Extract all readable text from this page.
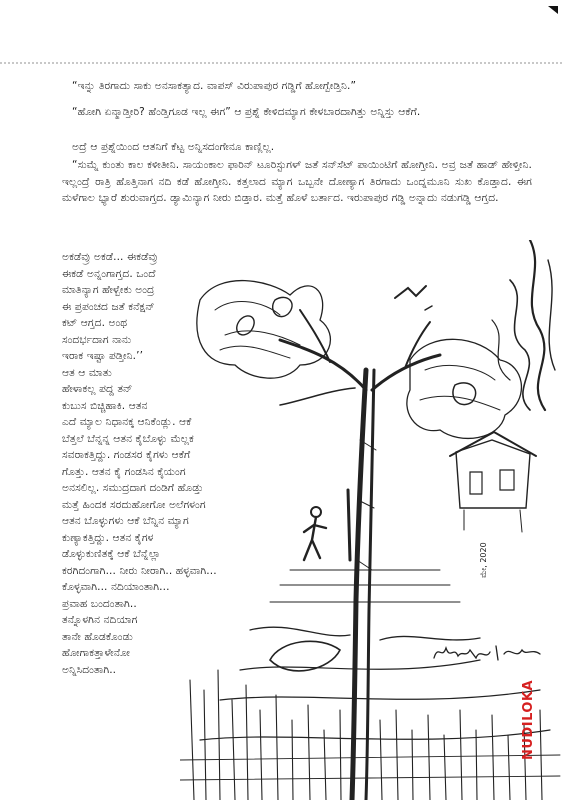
ಮೇ, 2020
NUDILOKA

“ಇನ್ನು ತಿರಗಾದು ಸಾಕು ಅನಸಾಕತ್ಯಾದ. ವಾಪಸ್ ವಿರುಪಾಪುರ ಗಡ್ಡಿಗೆ ಹೋಗ್ಬೇಡ್ತಿನಿ.”

“ಹೋಗಿ ಏನ್ಮಾಡ್ತೀರಿ? ಹೆಂಡ್ತಿಗೂಡ ಇಲ್ಲ ಈಗ” ಆ ಪ್ರಶ್ನೆ ಕೇಳಿದಮ್ಯಾಗ ಕೇಳಬಾರದಾಗಿತ್ತು ಅನ್ನಿಸ್ತು ಆಕೆಗೆ.

ಅದ್ರೆ ಆ ಪ್ರಶ್ನೆಯಿಂದ ಆತನಿಗೆ ಕೆಟ್ಟ ಅನ್ನಿಸದಂಗೇನೂ ಕಾಣ್ಲಿಲ್ಲ.

“ಸುಮ್ನೆ ಕುಂತು ಕಾಲ ಕಳೀತೀನಿ. ಸಾಯಂಕಾಲ ಫಾರಿನ್ ಟೂರಿಸ್ಟುಗಳ್ ಜತೆ ಸನ್‌ಸೆಟ್ ಪಾಯಿಂಟಿಗೆ ಹೋಗ್ತೀನಿ. ಅವ್ರ ಜತೆ ಹಾಡ್ ಹೇಳ್ತೀನಿ. ಇಲ್ಲಂದ್ರೆ ರಾತ್ರಿ ಹೊತ್ತಿನಾಗ ನದಿ ಕಡೆ ಹೋಗ್ತೀನಿ. ಕತ್ತಲಾದ ಮ್ಯಾಗ ಒಬ್ಬನೇ ದೋಣ್ಯಾಗ ತಿರಗಾದು ಒಂದ್ನಮೂನಿ ಸುಖ ಕೊಡ್ತಾದ. ಈಗ ಮಳೆಗಾಲ ಭ್ಯಾರೆ ಶುರುವಾಗ್ತದ. ಡ್ಯಾಮಿನ್ಯಾಗ ನೀರು ಬಿಡ್ತಾರ. ಮತ್ತೆ ಹೊಳೆ ಬರ್ತಾದ. ಇರುಪಾಪುರ ಗಡ್ಡಿ ಅನ್ನಾದು ನಡುಗಡ್ಡಿ ಆಗ್ತದ.

ಅಕಡೆವ್ರು ಅಕಡೆ... ಈಕಡೆವ್ರು
ಈಕಡೆ ಅನ್ನಂಗಾಗ್ತದ. ಒಂದೆ
ಮಾತಿನ್ಯಾಗ ಹೇಳ್ಬೇಕು ಅಂದ್ರ
ಈ ಪ್ರಪಂಚದ ಜತೆ ಕನೆಕ್ಷನ್
ಕಟ್ ಆಗ್ತದ. ಅಂಥ
ಸಂದರ್ಭದಾಗ ನಾನು
ಇರಾಕ ಇಷ್ಟಾ ಪಡ್ತೀನಿ.’’
ಆತ ಆ ಮಾತು
ಹೇಳಾಕಲ್ಲ ಪದ್ದ ತನ್
ಕುಬುಸ ಬಿಚ್ಚಿಹಾಕಿ. ಆತನ
ಎದೆ ಮ್ಯಾಲ ನಿಧಾನಕ್ಕ ಆನಿಕೆಂಡ್ಲು. ಆಕೆ
ಬೆತ್ತಲೆ ಬೆನ್ನನ್ನ ಆತನ ಕೈಬೊಳ್ಳು ಮೆಲ್ಲಕ
ಸವರಾಕತ್ತಿದ್ದು. ಗಂಡಸರ ಕೈಗಳು ಆಕೆಗೆ
ಗೊತ್ತು. ಆತನ ಕೈ ಗಂಡಸಿನ ಕೈಯಂಗ
ಅನಸಲಿಲ್ಲ. ಸಮುದ್ರದಾಗ ದಂಡಿಗೆ ಹೊಡ್ತು
ಮತ್ತೆ ಹಿಂದಕ ಸರದುಹೋಗೋ ಅಲೆಗಳಂಗ
ಆತನ ಬೊಳ್ಳುಗಳು ಆಕೆ ಬೆನ್ನಿನ ಮ್ಯಾಗ
ಕುಣ್ಯಾಕತ್ತಿದ್ದು. ಆತನ ಕೈಗಳ
ಡೊಳ್ಳುಕುಣಿತಕ್ಕೆ ಆಕೆ ಬೆನ್ನೆಲ್ಲಾ
ಕರಗಿದಂಗಾಗಿ... ನೀರು ನೀರಾಗಿ.. ಹಳ್ಳವಾಗಿ...
ಕೊಳ್ಳವಾಗಿ... ನದಿಯಾಂತಾಗಿ...
ಪ್ರವಾಹ ಬಂದಂತಾಗಿ..
ತನ್ನೊಳಗಿನ ನದಿಯಾಗ
ತಾನೇ ಹೊಡಕೊಂಡು
ಹೋಗಾಕತ್ತಾಳೇನೋ
ಅನ್ನಿಸಿದಂತಾಗಿ..
